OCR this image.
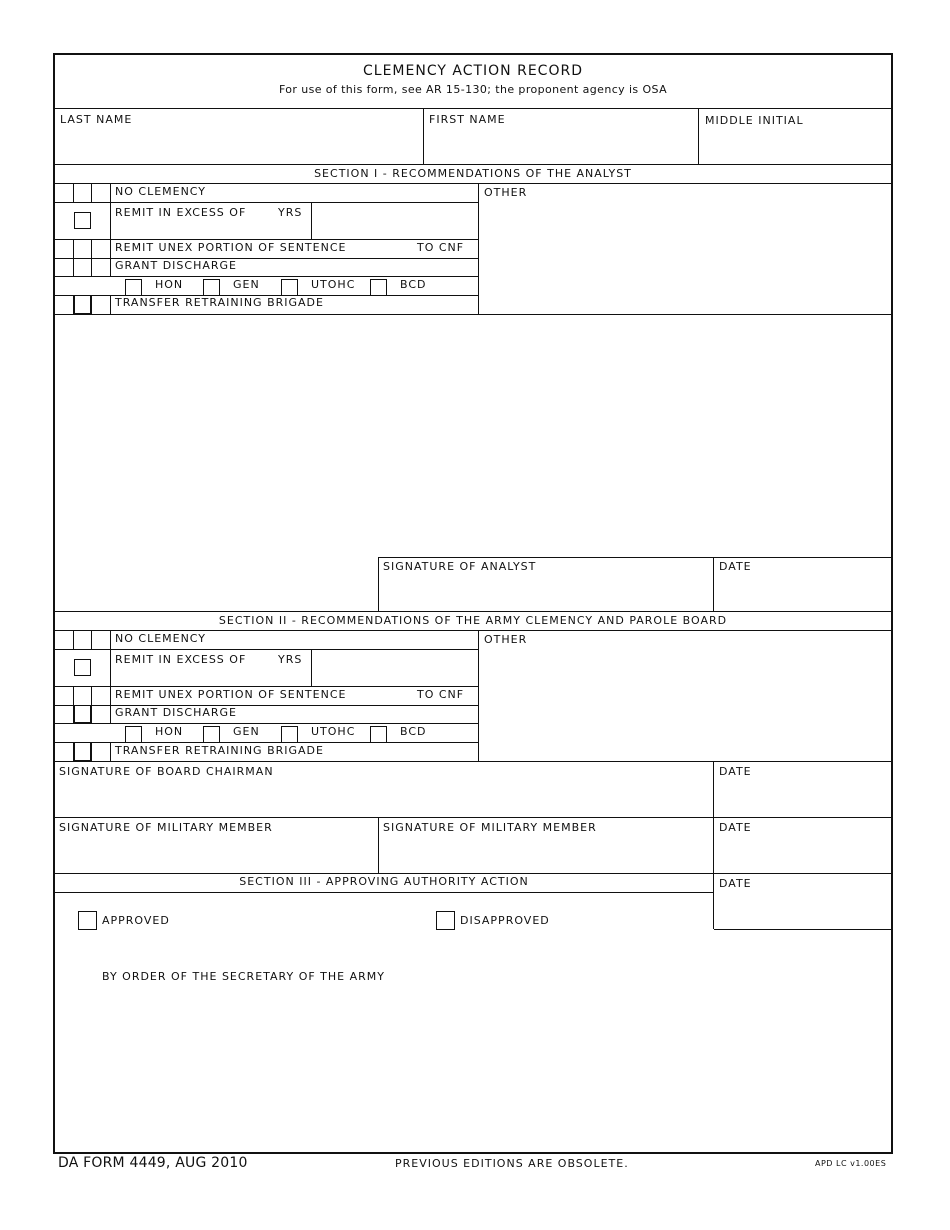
CLEMENCY ACTION RECORD
For use of this form, see AR 15-130; the proponent agency is OSA
LAST NAME	FIRST NAME	MIDDLE INITIAL
SECTION I - RECOMMENDATIONS OF THE ANALYST
NO CLEMENCY
REMIT IN EXCESS OF	YRS
REMIT UNEX PORTION OF SENTENCE	TO CNF
GRANT DISCHARGE
HON	GEN	UTOHC	BCD
TRANSFER RETRAINING BRIGADE
OTHER
SIGNATURE OF ANALYST	DATE
SECTION II - RECOMMENDATIONS OF THE ARMY CLEMENCY AND PAROLE BOARD
NO CLEMENCY
REMIT IN EXCESS OF	YRS
REMIT UNEX PORTION OF SENTENCE	TO CNF
GRANT DISCHARGE
HON	GEN	UTOHC	BCD
TRANSFER RETRAINING BRIGADE
OTHER
SIGNATURE OF BOARD CHAIRMAN	DATE
SIGNATURE OF MILITARY MEMBER	SIGNATURE OF MILITARY MEMBER	DATE
SECTION III - APPROVING AUTHORITY ACTION	DATE
APPROVED	DISAPPROVED
BY ORDER OF THE SECRETARY OF THE ARMY
DA FORM 4449, AUG 2010	PREVIOUS EDITIONS ARE OBSOLETE.	APD LC v1.00ES
